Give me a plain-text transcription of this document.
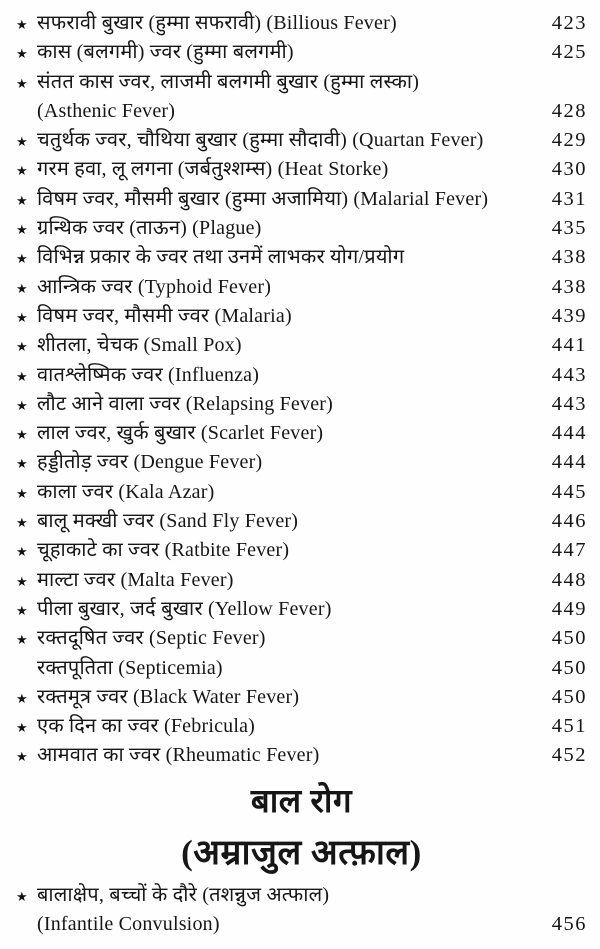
★ सफरावी बुखार (हुम्मा सफरावी) (Billious Fever)	423
★ कास (बलगमी) ज्वर (हुम्मा बलगमी)	425
★ संतत कास ज्वर, लाजमी बलगमी बुखार (हुम्मा लस्का)
(Asthenic Fever)	428
★ चतुर्थक ज्वर, चौथिया बुखार (हुम्मा सौदावी) (Quartan Fever)	429
★ गरम हवा, लू लगना (जर्बतुश्शम्स) (Heat Storke)	430
★ विषम ज्वर, मौसमी बुखार (हुम्मा अजामिया) (Malarial Fever)	431
★ ग्रन्थिक ज्वर (ताऊन) (Plague)	435
★ विभिन्न प्रकार के ज्वर तथा उनमें लाभकर योग/प्रयोग	438
★ आन्त्रिक ज्वर (Typhoid Fever)	438
★ विषम ज्वर, मौसमी ज्वर (Malaria)	439
★ शीतला, चेचक (Small Pox)	441
★ वातश्लेष्मिक ज्वर (Influenza)	443
★ लौट आने वाला ज्वर (Relapsing Fever)	443
★ लाल ज्वर, खुर्क बुखार (Scarlet Fever)	444
★ हड्डीतोड़ ज्वर (Dengue Fever)	444
★ काला ज्वर (Kala Azar)	445
★ बालू मक्खी ज्वर (Sand Fly Fever)	446
★ चूहाकाटे का ज्वर (Ratbite Fever)	447
★ माल्टा ज्वर (Malta Fever)	448
★ पीला बुखार, जर्द बुखार (Yellow Fever)	449
★ रक्तदूषित ज्वर (Septic Fever)	450
रक्तपूतिता (Septicemia)	450
★ रक्तमूत्र ज्वर (Black Water Fever)	450
★ एक दिन का ज्वर (Febricula)	451
★ आमवात का ज्वर (Rheumatic Fever)	452
बाल रोग
(अम्राजुल अत्फ़ाल)
★ बालाक्षेप, बच्चों के दौरे (तशन्नुज अत्फाल)
(Infantile Convulsion)	456
